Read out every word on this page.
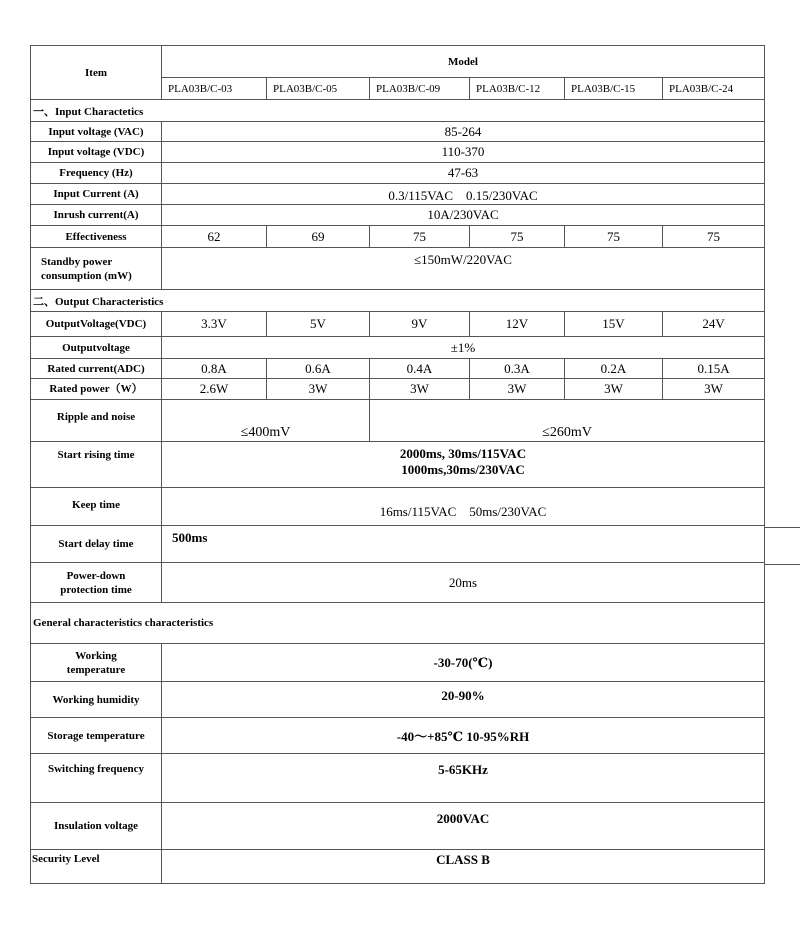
Item	Model					
	PLA03B/C-03	PLA03B/C-05	PLA03B/C-09	PLA03B/C-12	PLA03B/C-15	PLA03B/C-24
一、Input Charactetics						
Input voltage (VAC)	85-264					
Input voltage (VDC)	110-370					
Frequency (Hz)	47-63					
Input Current (A)	0.3/115VAC　0.15/230VAC					
Inrush current(A)	10A/230VAC					
Effectiveness	62	69	75	75	75	75

Standby power
consumption (mW)	≤150mW/220VAC					
二、Output Characteristics						
OutputVoltage(VDC)	3.3V	5V	9V	12V	15V	24V
Outputvoltage	±1%					
Rated current(ADC)	0.8A	0.6A	0.4A	0.3A	0.2A	0.15A
Rated power（W）	2.6W	3W	3W	3W	3W	3W
Ripple and noise	≤400mV		≤260mV			
Start rising time	2000ms, 30ms/115VAC
1000ms,30ms/230VAC					

Keep time	16ms/115VAC　50ms/230VAC					
Start delay time	500ms					

Power-down
protection time	20ms					
General characteristics characteristics						

Working
temperature	-30-70(℃)					
Working humidity	20-90%					
Storage temperature	-40～+85℃ 10-95%RH					
Switching frequency	5-65KHz					
Insulation voltage	2000VAC					
Security Level	CLASS B					
